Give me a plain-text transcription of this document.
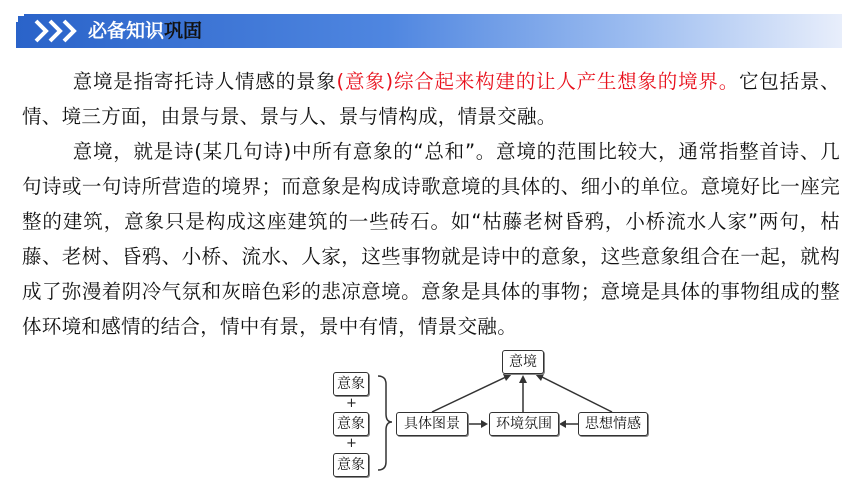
必备知识巩固

意境是指寄托诗人情感的景象(意象)综合起来构建的让人产生想象的境界。它包括景、情、境三方面，由景与景、景与人、景与情构成，情景交融。

意境，就是诗(某几句诗)中所有意象的“总和”。意境的范围比较大，通常指整首诗、几句诗或一句诗所营造的境界；而意象是构成诗歌意境的具体的、细小的单位。意境好比一座完整的建筑，意象只是构成这座建筑的一些砖石。如“枯藤老树昏鸦，小桥流水人家”两句，枯藤、老树、昏鸦、小桥、流水、人家，这些事物就是诗中的意象，这些意象组合在一起，就构成了弥漫着阴冷气氛和灰暗色彩的悲凉意境。意象是具体的事物；意境是具体的事物组成的整体环境和感情的结合，情中有景，景中有情，情景交融。

意象
+
意象
+
意象
具体图景	环境氛围	思想情感
意境
